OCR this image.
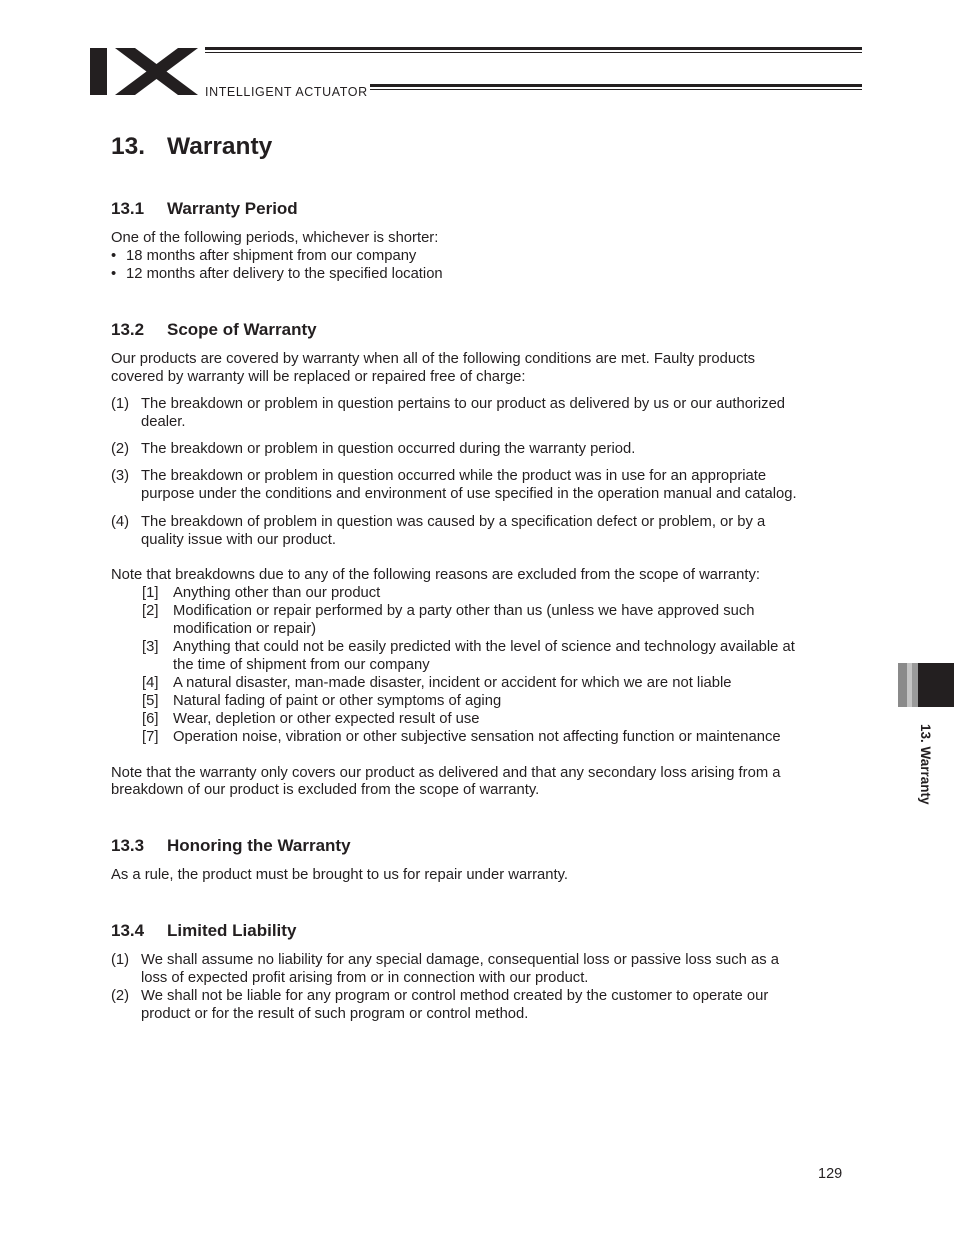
INTELLIGENT ACTUATOR
13. Warranty
13.1 Warranty Period
One of the following periods, whichever is shorter:
• 18 months after shipment from our company
• 12 months after delivery to the specified location
13.2 Scope of Warranty
Our products are covered by warranty when all of the following conditions are met. Faulty products
covered by warranty will be replaced or repaired free of charge:
(1) The breakdown or problem in question pertains to our product as delivered by us or our authorized
dealer.
(2) The breakdown or problem in question occurred during the warranty period.
(3) The breakdown or problem in question occurred while the product was in use for an appropriate
purpose under the conditions and environment of use specified in the operation manual and catalog.
(4) The breakdown of problem in question was caused by a specification defect or problem, or by a
quality issue with our product.
Note that breakdowns due to any of the following reasons are excluded from the scope of warranty:
[1] Anything other than our product
[2] Modification or repair performed by a party other than us (unless we have approved such
modification or repair)
[3] Anything that could not be easily predicted with the level of science and technology available at
the time of shipment from our company
[4] A natural disaster, man-made disaster, incident or accident for which we are not liable
[5] Natural fading of paint or other symptoms of aging
[6] Wear, depletion or other expected result of use
[7] Operation noise, vibration or other subjective sensation not affecting function or maintenance
Note that the warranty only covers our product as delivered and that any secondary loss arising from a
breakdown of our product is excluded from the scope of warranty.
13.3 Honoring the Warranty
As a rule, the product must be brought to us for repair under warranty.
13.4 Limited Liability
(1) We shall assume no liability for any special damage, consequential loss or passive loss such as a
loss of expected profit arising from or in connection with our product.
(2) We shall not be liable for any program or control method created by the customer to operate our
product or for the result of such program or control method.
13. Warranty
129
